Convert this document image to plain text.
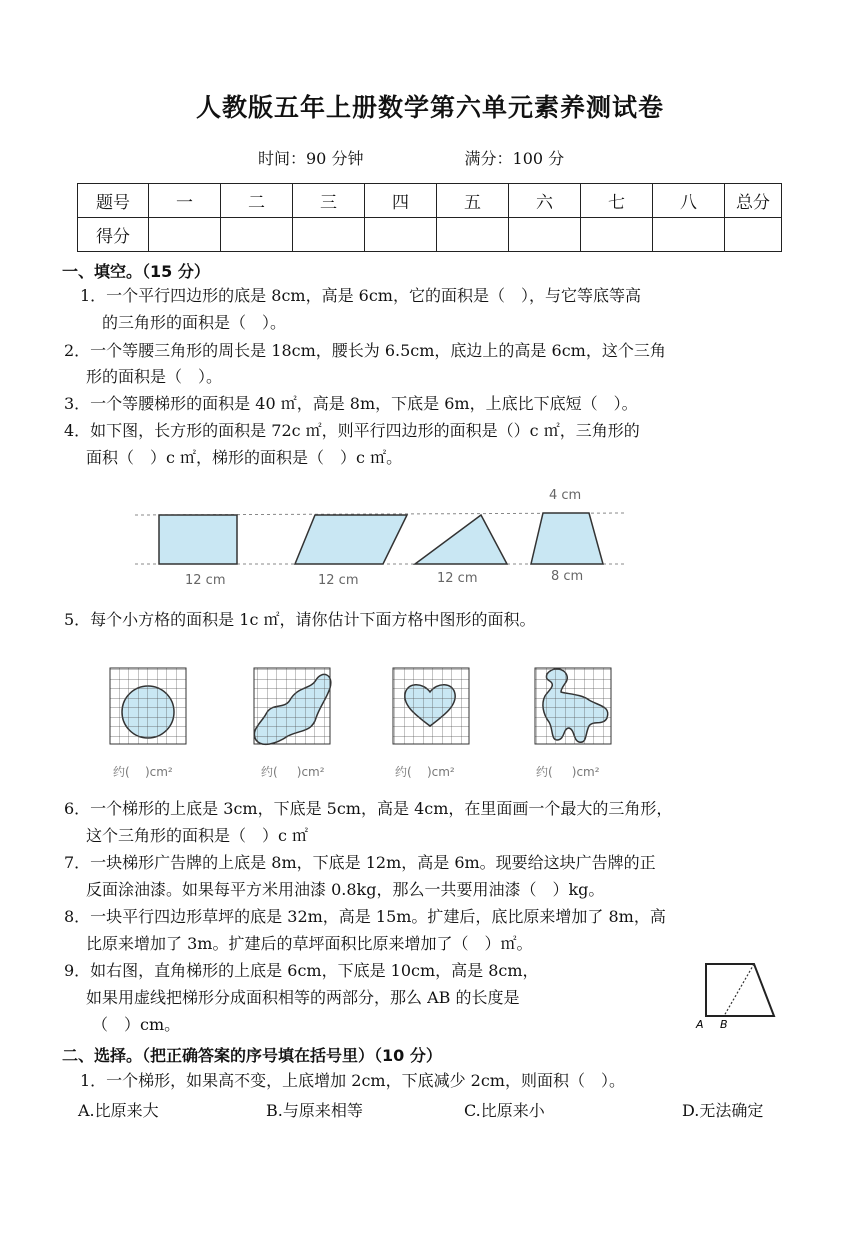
人教版五年上册数学第六单元素养测试卷
时间：90 分钟	满分：100 分
题号	一	二	三	四	五	六	七	八	总分
得分									
一、填空。（15 分）
1．一个平行四边形的底是 8cm，高是 6cm，它的面积是（　），与它等底等高
的三角形的面积是（　）。
2．一个等腰三角形的周长是 18cm，腰长为 6.5cm，底边上的高是 6cm，这个三角
形的面积是（　）。
3．一个等腰梯形的面积是 40 ㎡，高是 8m，下底是 6m，上底比下底短（　）。
4．如下图，长方形的面积是 72c ㎡，则平行四边形的面积是（）c ㎡，三角形的
面积（　）c ㎡，梯形的面积是（　）c ㎡。
12 cm	12 cm	12 cm
4 cm
8 cm
5．每个小方格的面积是 1c ㎡，请你估计下面方格中图形的面积。
约( )cm²	约( )cm²	约( )cm²	约( )cm²
6．一个梯形的上底是 3cm，下底是 5cm，高是 4cm，在里面画一个最大的三角形，
这个三角形的面积是（　）c ㎡
7．一块梯形广告牌的上底是 8m，下底是 12m，高是 6m。现要给这块广告牌的正
反面涂油漆。如果每平方米用油漆 0.8kg，那么一共要用油漆（　）kg。
8．一块平行四边形草坪的底是 32m，高是 15m。扩建后，底比原来增加了 8m，高
比原来增加了 3m。扩建后的草坪面积比原来增加了（　）㎡。
9．如右图，直角梯形的上底是 6cm，下底是 10cm，高是 8cm，
如果用虚线把梯形分成面积相等的两部分，那么 AB 的长度是
（　）cm。	A B
二、选择。（把正确答案的序号填在括号里）（10 分）
1．一个梯形，如果高不变，上底增加 2cm，下底减少 2cm，则面积（　）。
A.比原来大	B.与原来相等	C.比原来小	D.无法确定
